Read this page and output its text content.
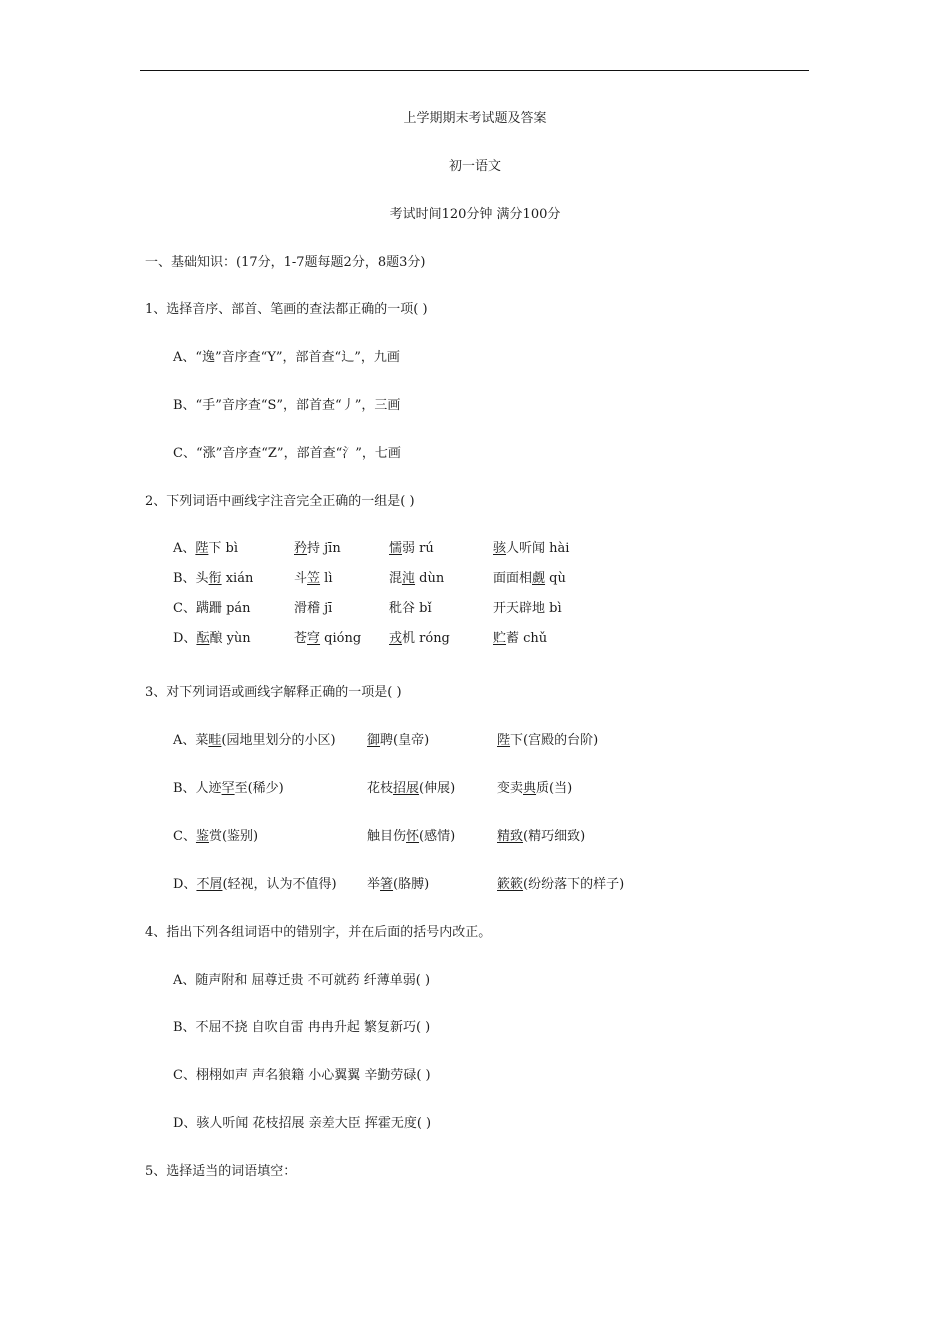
上学期期末考试题及答案
初一语文
考试时间120分钟 满分100分
一、基础知识：(17分，1-7题每题2分，8题3分)
1、选择音序、部首、笔画的查法都正确的一项( )
A、“逸”音序查“Y”，部首查“辶”，九画
B、“手”音序查“S”，部首查“丿”，三画
C、“涨”音序查“Z”，部首查“氵”，七画
2、下列词语中画线字注音完全正确的一组是( )
A、陛下 bì	矜持 jīn	懦弱 rú	骇人听闻 hài
B、头衔 xián	斗笠 lì	混沌 dùn	面面相觑 qù
C、蹒跚 pán	滑稽 jī	秕谷 bǐ	开天辟地 bì
D、酝酿 yùn	苍穹 qióng 戎机 róng	贮蓄 chǔ
3、对下列词语或画线字解释正确的一项是( )
A、菜畦(园地里划分的小区) 御聘(皇帝)	陛下(宫殿的台阶)
B、人迹罕至(稀少)	花枝招展(伸展)	变卖典质(当)
C、鉴赏(鉴别)	触目伤怀(感情)	精致(精巧细致)
D、不屑(轻视，认为不值得) 举箸(胳膊)	簌簌(纷纷落下的样子)
4、指出下列各组词语中的错别字，并在后面的括号内改正。
A、随声附和 屈尊迁贵 不可就药 纤薄单弱( )
B、不屈不挠 自吹自雷 冉冉升起 繁复新巧( )
C、栩栩如声 声名狼籍 小心翼翼 辛勤劳碌( )
D、骇人听闻 花枝招展 亲差大臣 挥霍无度( )
5、选择适当的词语填空：
